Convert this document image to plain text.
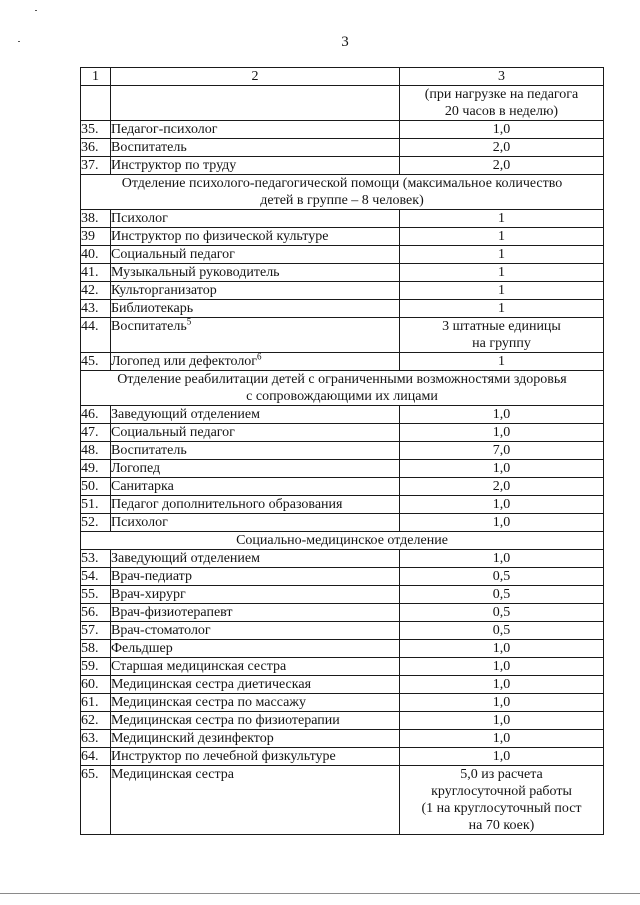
3
1	2	3
		(при нагрузке на педагога
20 часов в неделю)
35.	Педагог-психолог	1,0
36.	Воспитатель	2,0
37.	Инструктор по труду	2,0
Отделение психолого-педагогической помощи (максимальное количество
детей в группе – 8 человек)		
38.	Психолог	1
39	Инструктор по физической культуре	1
40.	Социальный педагог	1
41.	Музыкальный руководитель	1
42.	Культорганизатор	1
43.	Библиотекарь	1
44.	Воспитатель$^5$	3 штатные единицы
на группу
45.	Логопед или дефектолог$^6$	1
Отделение реабилитации детей с ограниченными возможностями здоровья
с сопровождающими их лицами		
46.	Заведующий отделением	1,0
47.	Социальный педагог	1,0
48.	Воспитатель	7,0
49.	Логопед	1,0
50.	Санитарка	2,0
51.	Педагог дополнительного образования	1,0
52.	Психолог	1,0
Социально-медицинское отделение		
53.	Заведующий отделением	1,0
54.	Врач-педиатр	0,5
55.	Врач-хирург	0,5
56.	Врач-физиотерапевт	0,5
57.	Врач-стоматолог	0,5
58.	Фельдшер	1,0
59.	Старшая медицинская сестра	1,0
60.	Медицинская сестра диетическая	1,0
61.	Медицинская сестра по массажу	1,0
62.	Медицинская сестра по физиотерапии	1,0
63.	Медицинский дезинфектор	1,0
64.	Инструктор по лечебной физкультуре	1,0
65.	Медицинская сестра	5,0 из расчета
круглосуточной работы
(1 на круглосуточный пост
на 70 коек)
